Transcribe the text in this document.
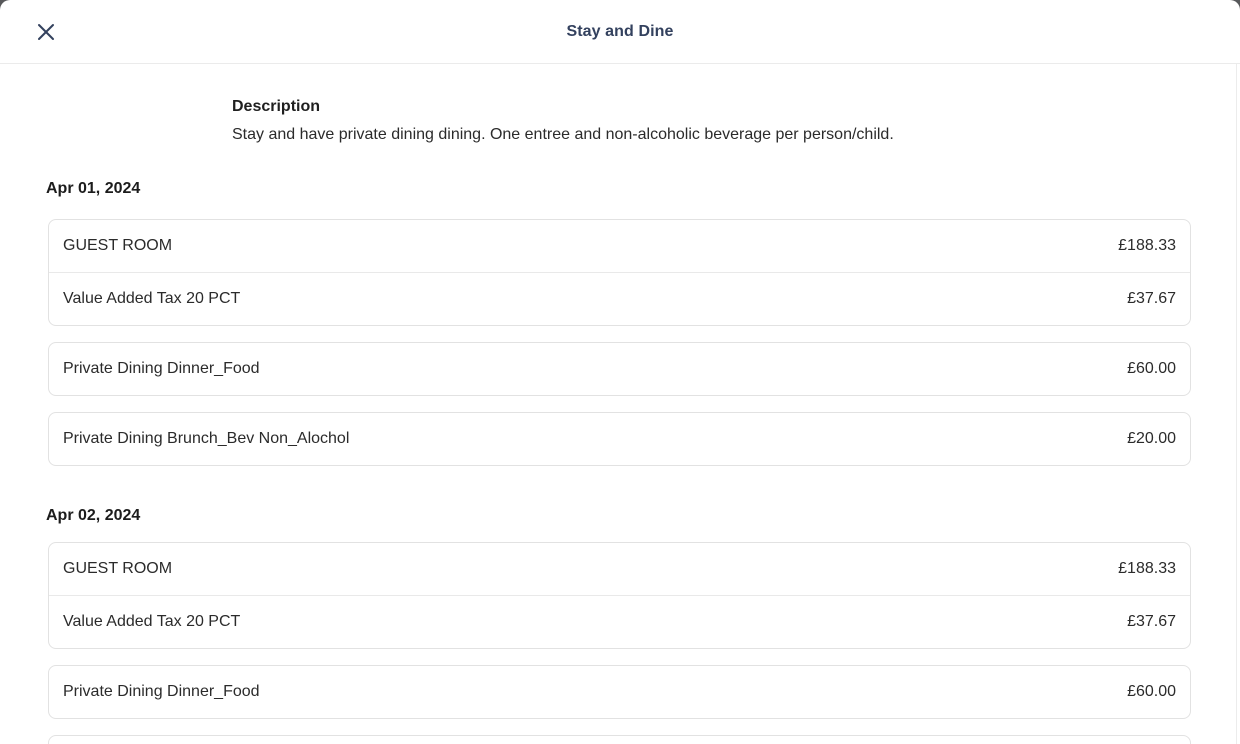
Stay and Dine
Description
Stay and have private dining dining. One entree and non-alcoholic beverage per person/child.
Apr 01, 2024
GUEST ROOM	£188.33
Value Added Tax 20 PCT	£37.67
Private Dining Dinner_Food	£60.00
Private Dining Brunch_Bev Non_Alochol	£20.00
Apr 02, 2024
GUEST ROOM	£188.33
Value Added Tax 20 PCT	£37.67
Private Dining Dinner_Food	£60.00
